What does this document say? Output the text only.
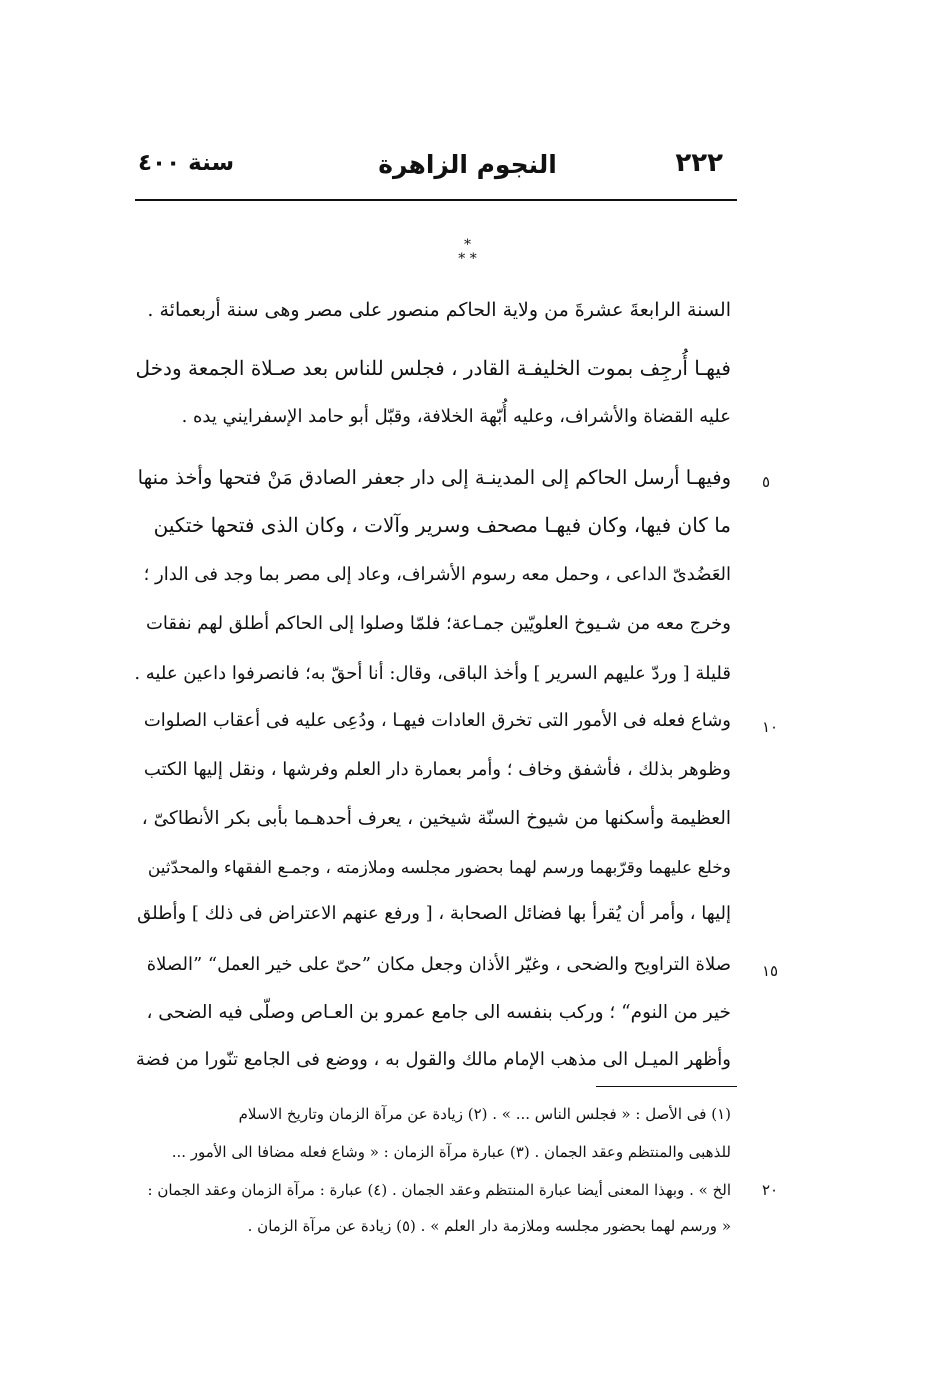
٢٢٢
النجوم الزاهرة
سنة ٤٠٠
*
* *
السنة الرابعةَ عشرةَ من ولاية الحاكم منصور على مصر وهى سنة أربعمائة .
فيهـا أُرجِف بموت الخليفـة القادر ، فجلس للناس بعد صـلاة الجمعة ودخل
عليه القضاة والأشراف، وعليه أُبّهة الخلافة، وقبّل أبو حامد الإسفرايني يده .
وفيهـا أرسل الحاكم إلى المدينـة إلى دار جعفر الصادق مَنْ فتحها وأخذ منها
ما كان فيها، وكان فيهـا مصحف وسرير وآلات ، وكان الذى فتحها ختكين
العَضُدىّ الداعى ، وحمل معه رسوم الأشراف، وعاد إلى مصر بما وجد فى الدار ؛
وخرج معه من شـيوخ العلويّين جمـاعة؛ فلمّا وصلوا إلى الحاكم أطلق لهم نفقات
قليلة [ وردّ عليهم السرير ] وأخذ الباقى، وقال: أنا أحقّ به؛ فانصرفوا داعين عليه .
وشاع فعله فى الأمور التى تخرق العادات فيهـا ، ودُعِى عليه فى أعقاب الصلوات
وظوهر بذلك ، فأشفق وخاف ؛ وأمر بعمارة دار العلم وفرشها ، ونقل إليها الكتب
العظيمة وأسكنها من شيوخ السنّة شيخين ، يعرف أحدهـما بأبى بكر الأنطاكىّ ،
وخلع عليهما وقرّبهما ورسم لهما بحضور مجلسه وملازمته ، وجمـع الفقهاء والمحدّثين
إليها ، وأمر أن يُقرأ بها فضائل الصحابة ، [ ورفع عنهم الاعتراض فى ذلك ] وأطلق
صلاة التراويح والضحى ، وغيّر الأذان وجعل مكان ”حىّ على خير العمل“ ”الصلاة
خير من النوم“ ؛ وركب بنفسه الى جامع عمرو بن العـاص وصلّى فيه الضحى ،
وأظهر الميـل الى مذهب الإمام مالك والقول به ، ووضع فى الجامع تنّورا من فضة
٥
١٠
١٥
٢٠
(١) فى الأصل : « فجلس الناس ... » . (٢) زيادة عن مرآة الزمان وتاريخ الاسلام
للذهبى والمنتظم وعقد الجمان . (٣) عبارة مرآة الزمان : « وشاع فعله مضافا الى الأمور ...
الخ » . وبهذا المعنى أيضا عبارة المنتظم وعقد الجمان . (٤) عبارة : مرآة الزمان وعقد الجمان :
« ورسم لهما بحضور مجلسه وملازمة دار العلم » . (٥) زيادة عن مرآة الزمان .
